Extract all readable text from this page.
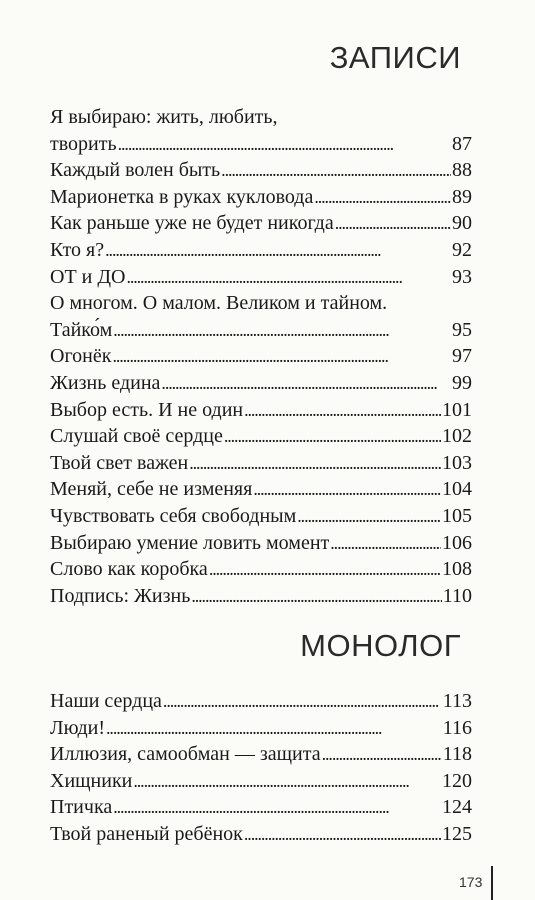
ЗАПИСИ
Я выбираю: жить, любить,
творить . . .	87
Каждый волен быть . . .	88
Марионетка в руках кукловода . . .	89
Как раньше уже не будет никогда . . .	90
Кто я? . . .	92
ОТ и ДО . . .	93
О многом. О малом. Великом и тайном.
Тайко́м . . .	95
Огонёк . . .	97
Жизнь едина . . .	99
Выбор есть. И не один . . .	101
Слушай своё сердце . . .	102
Твой свет важен . . .	103
Меняй, себе не изменяя . . .	104
Чувствовать себя свободным . . .	105
Выбираю умение ловить момент . . .	106
Слово как коробка . . .	108
Подпись: Жизнь . . .	110
МОНОЛОГ
Наши сердца . . .	113
Люди! . . .	116
Иллюзия, самообман — защита . . .	118
Хищники . . .	120
Птичка . . .	124
Твой раненый ребёнок . . .	125
173
